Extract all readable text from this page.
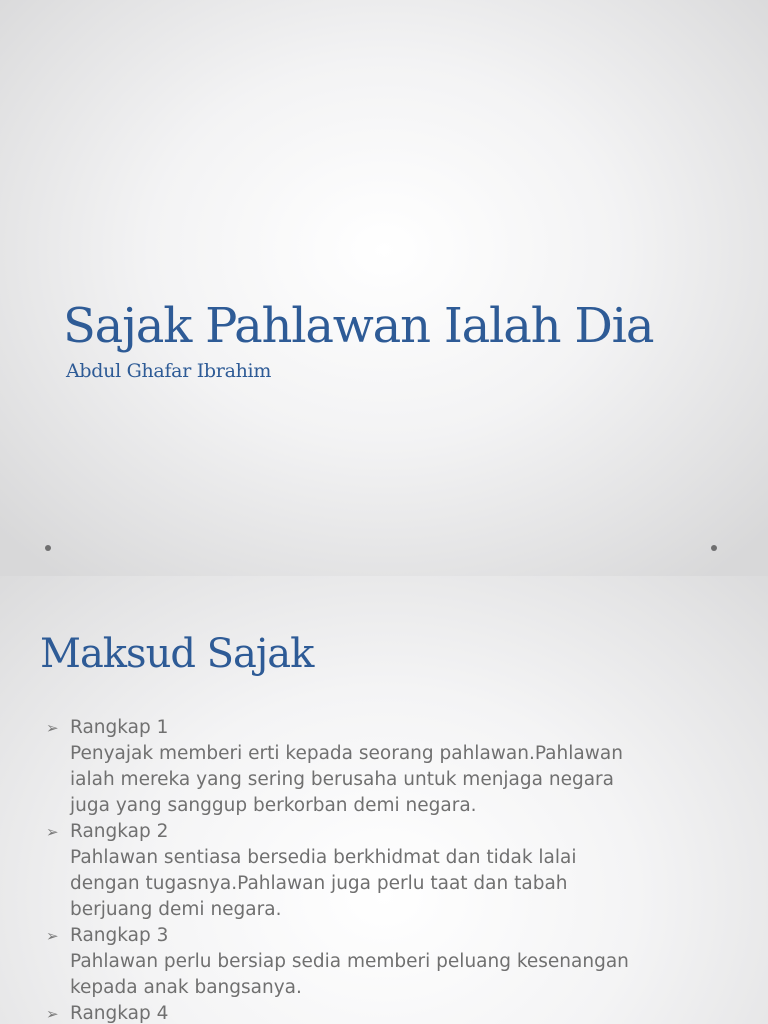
Sajak Pahlawan Ialah Dia

Abdul Ghafar Ibrahim

Maksud Sajak
➢ Rangkap 1
Penyajak memberi erti kepada seorang pahlawan.Pahlawan
ialah mereka yang sering berusaha untuk menjaga negara
juga yang sanggup berkorban demi negara.
➢ Rangkap 2
Pahlawan sentiasa bersedia berkhidmat dan tidak lalai
dengan tugasnya.Pahlawan juga perlu taat dan tabah
berjuang demi negara.
➢ Rangkap 3
Pahlawan perlu bersiap sedia memberi peluang kesenangan
kepada anak bangsanya.
➢ Rangkap 4
